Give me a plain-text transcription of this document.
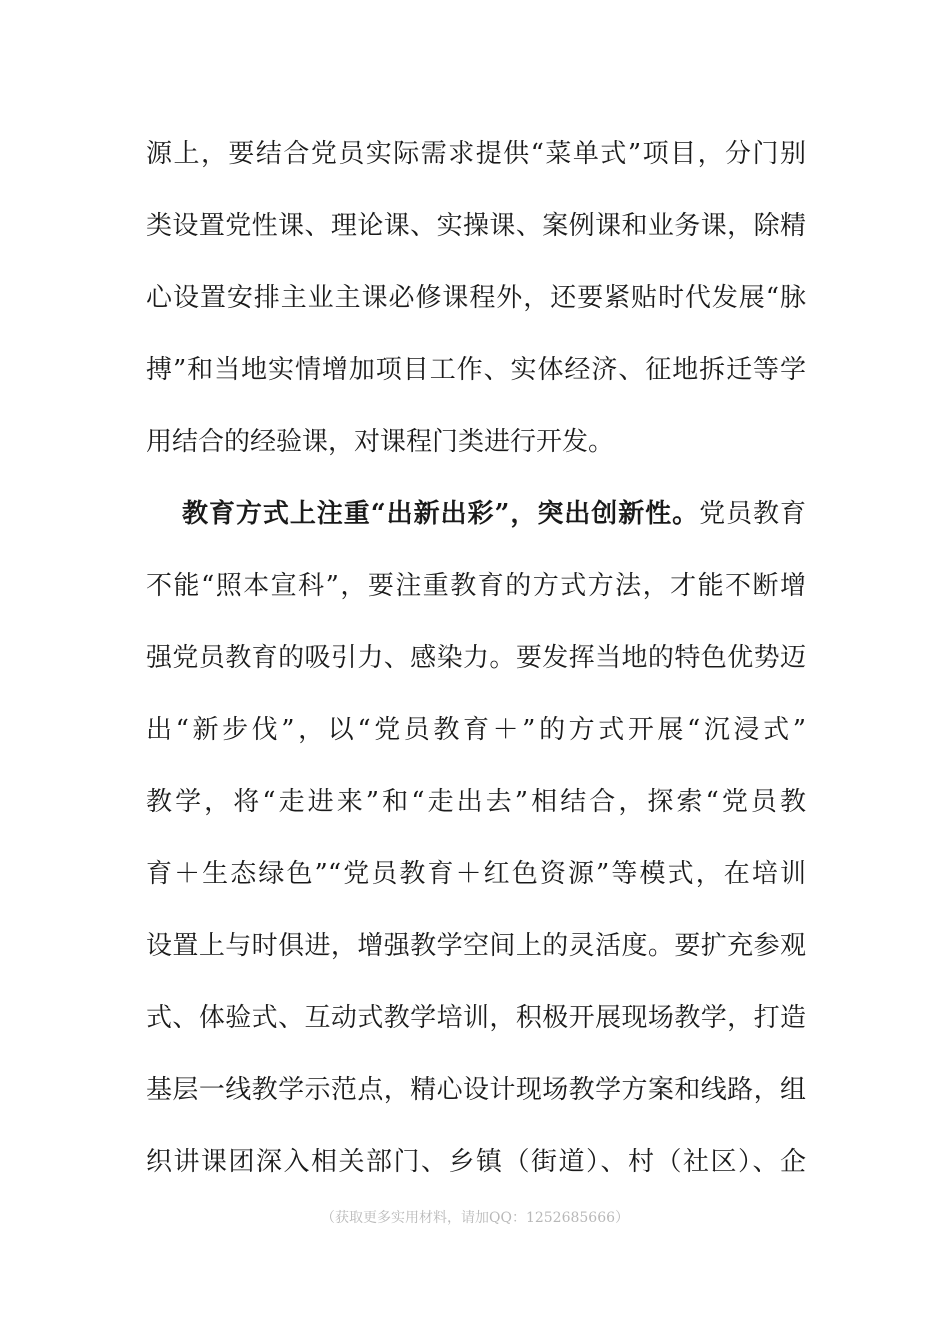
源上，要结合党员实际需求提供“菜单式”项目，分门别
类设置党性课、理论课、实操课、案例课和业务课，除精
心设置安排主业主课必修课程外，还要紧贴时代发展“脉
搏”和当地实情增加项目工作、实体经济、征地拆迁等学
用结合的经验课，对课程门类进行开发。
教育方式上注重“出新出彩”，突出创新性。党员教育
不能“照本宣科”，要注重教育的方式方法，才能不断增
强党员教育的吸引力、感染力。要发挥当地的特色优势迈
出“新步伐”，以“党员教育＋”的方式开展“沉浸式”
教学，将“走进来”和“走出去”相结合，探索“党员教
育＋生态绿色”“党员教育＋红色资源”等模式，在培训
设置上与时俱进，增强教学空间上的灵活度。要扩充参观
式、体验式、互动式教学培训，积极开展现场教学，打造
基层一线教学示范点，精心设计现场教学方案和线路，组
织讲课团深入相关部门、乡镇（街道）、村（社区）、企
（获取更多实用材料，请加QQ：1252685666）
